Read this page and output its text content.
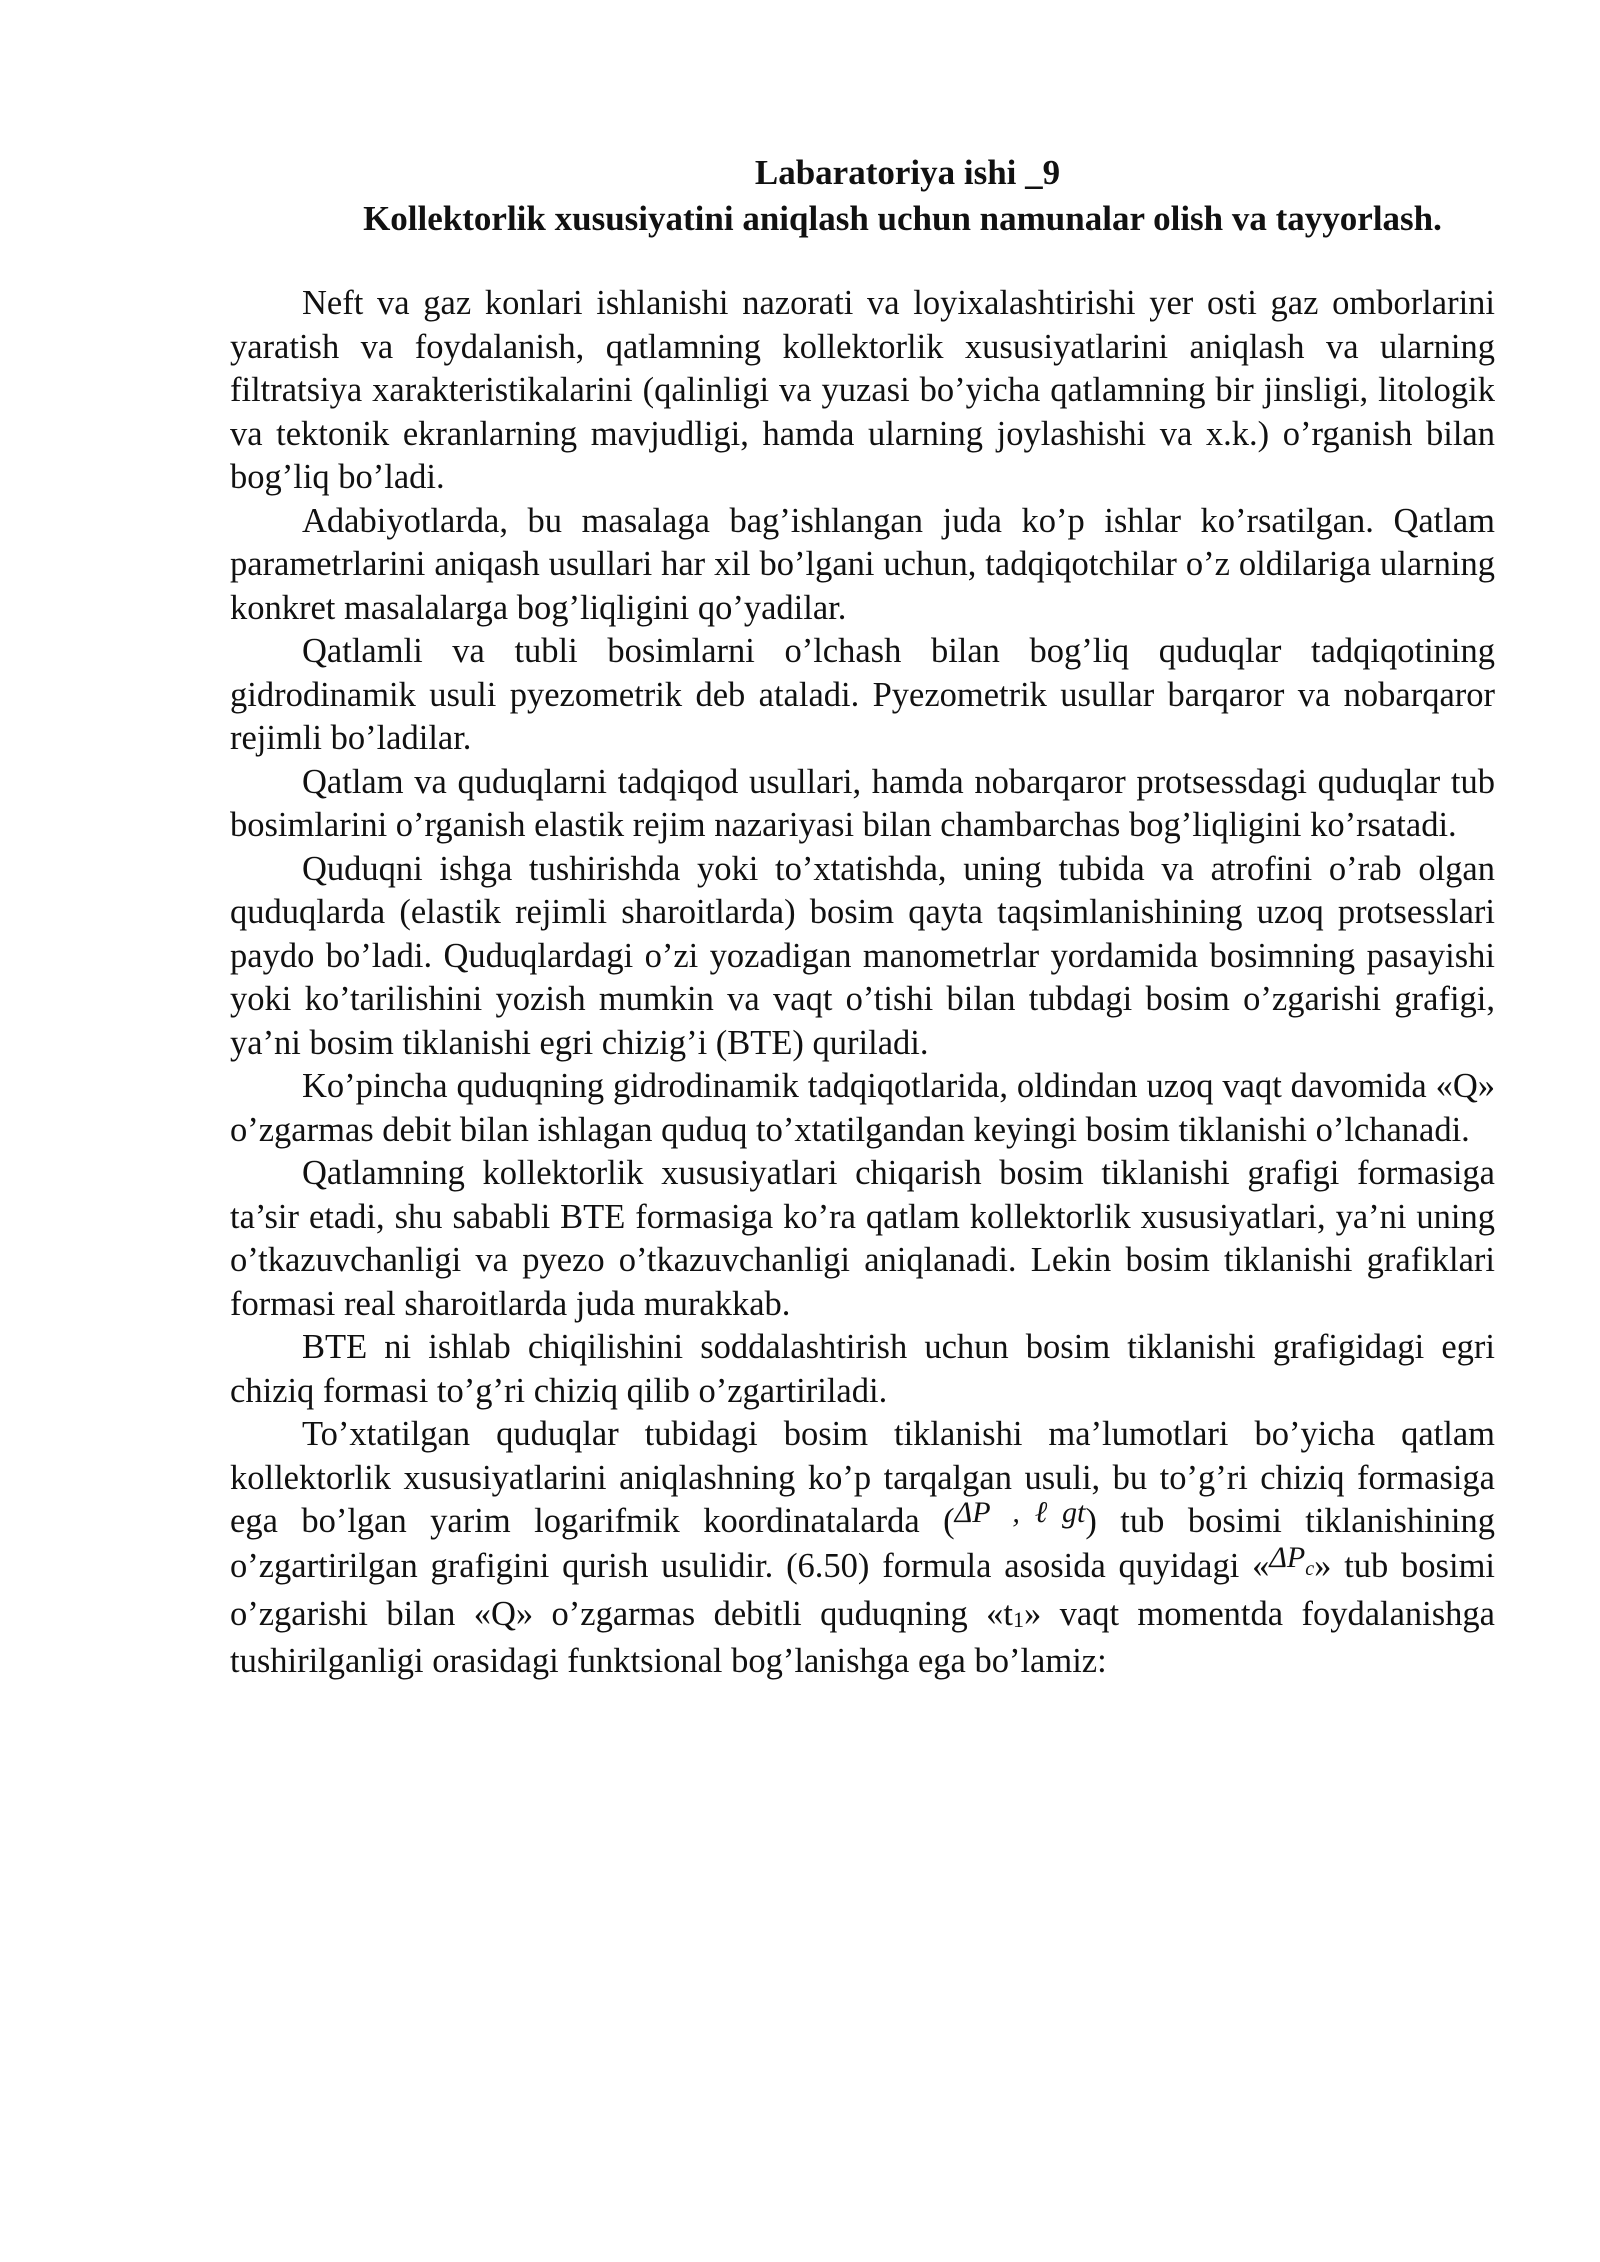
Labaratoriya ishi _9
Kollektorlik xususiyatini aniqlash uchun namunalar olish va tayyorlash.

Neft va gaz konlari ishlanishi nazorati va loyixalashtirishi yer osti gaz omborlarini yaratish va foydalanish, qatlamning kollektorlik xususiyatlarini aniqlash va ularning filtratsiya xarakteristikalarini (qalinligi va yuzasi bo’yicha qatlamning bir jinsligi, litologik va tektonik ekranlarning mavjudligi, hamda ularning joylashishi va x.k.) o’rganish bilan bog’liq bo’ladi.

Adabiyotlarda, bu masalaga bag’ishlangan juda ko’p ishlar ko’rsatilgan. Qatlam parametrlarini aniqash usullari har xil bo’lgani uchun, tadqiqotchilar o’z oldilariga ularning konkret masalalarga bog’liqligini qo’yadilar.

Qatlamli va tubli bosimlarni o’lchash bilan bog’liq quduqlar tadqiqotining gidrodinamik usuli pyezometrik deb ataladi. Pyezometrik usullar barqaror va nobarqaror rejimli bo’ladilar.

Qatlam va quduqlarni tadqiqod usullari, hamda nobarqaror protsessdagi quduqlar tub bosimlarini o’rganish elastik rejim nazariyasi bilan chambarchas bog’liqligini ko’rsatadi.

Quduqni ishga tushirishda yoki to’xtatishda, uning tubida va atrofini o’rab olgan quduqlarda (elastik rejimli sharoitlarda) bosim qayta taqsimlanishining uzoq protsesslari paydo bo’ladi. Quduqlardagi o’zi yozadigan manometrlar yordamida bosimning pasayishi yoki ko’tarilishini yozish mumkin va vaqt o’tishi bilan tubdagi bosim o’zgarishi grafigi, ya’ni bosim tiklanishi egri chizig’i (BTE) quriladi.

Ko’pincha quduqning gidrodinamik tadqiqotlarida, oldindan uzoq vaqt davomida «Q» o’zgarmas debit bilan ishlagan quduq to’xtatilgandan keyingi bosim tiklanishi o’lchanadi.

Qatlamning kollektorlik xususiyatlari chiqarish bosim tiklanishi grafigi formasiga ta’sir etadi, shu sababli BTE formasiga ko’ra qatlam kollektorlik xususiyatlari, ya’ni uning o’tkazuvchanligi va pyezo o’tkazuvchanligi aniqlanadi. Lekin bosim tiklanishi grafiklari formasi real sharoitlarda juda murakkab.

BTE ni ishlab chiqilishini soddalashtirish uchun bosim tiklanishi grafigidagi egri chiziq formasi to’g’ri chiziq qilib o’zgartiriladi.

To’xtatilgan quduqlar tubidagi bosim tiklanishi ma’lumotlari bo’yicha qatlam kollektorlik xususiyatlarini aniqlashning ko’p tarqalgan usuli, bu to’g’ri chiziq formasiga ega bo’lgan yarim logarifmik koordinatalarda (ΔP ,ℓgt) tub bosimi tiklanishining o’zgartirilgan grafigini qurish usulidir. (6.50) formula asosida quyidagi «$\Delta P_c$» tub bosimi o’zgarishi bilan «Q» o’zgarmas debitli quduqning «$t_1$» vaqt momentda foydalanishga tushirilganligi orasidagi funktsional bog’lanishga ega bo’lamiz:
